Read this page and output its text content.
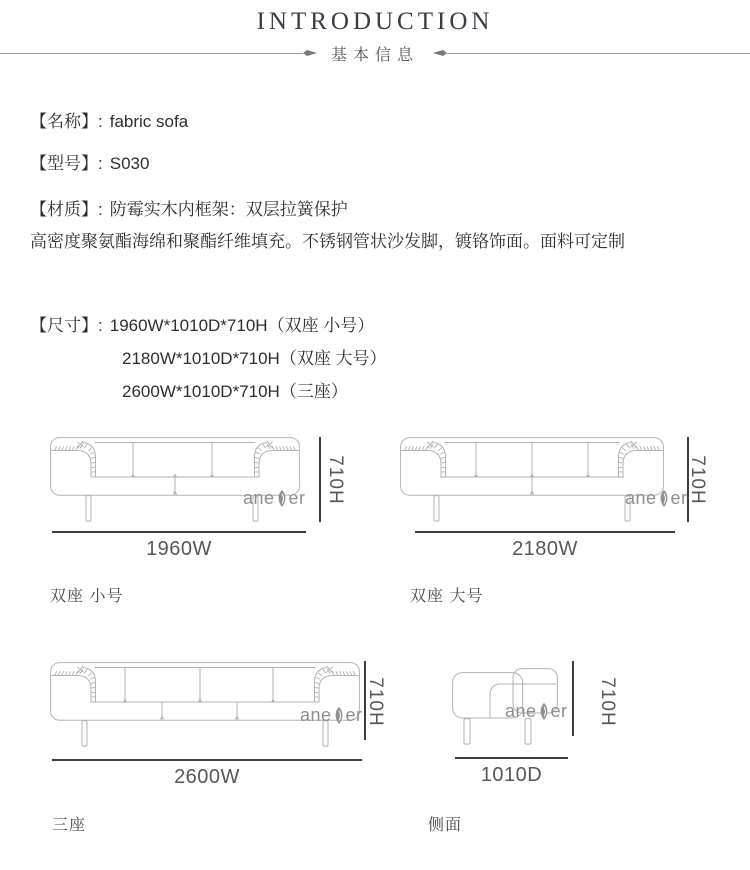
INTRODUCTION
基本信息
【名称】: fabric sofa
【型号】: S030
【材质】: 防霉实木内框架：双层拉簧保护
高密度聚氨酯海绵和聚酯纤维填充。不锈钢管状沙发脚，镀铬饰面。面料可定制
【尺寸】: 1960W*1010D*710H（双座 小号）
2180W*1010D*710H（双座 大号）
2600W*1010D*710H（三座）
710H
1960W
双座 小号
ane er	710H
2180W
双座 大号
ane er
710H
2600W
三座
ane er	710H
1010D
侧面
ane er
